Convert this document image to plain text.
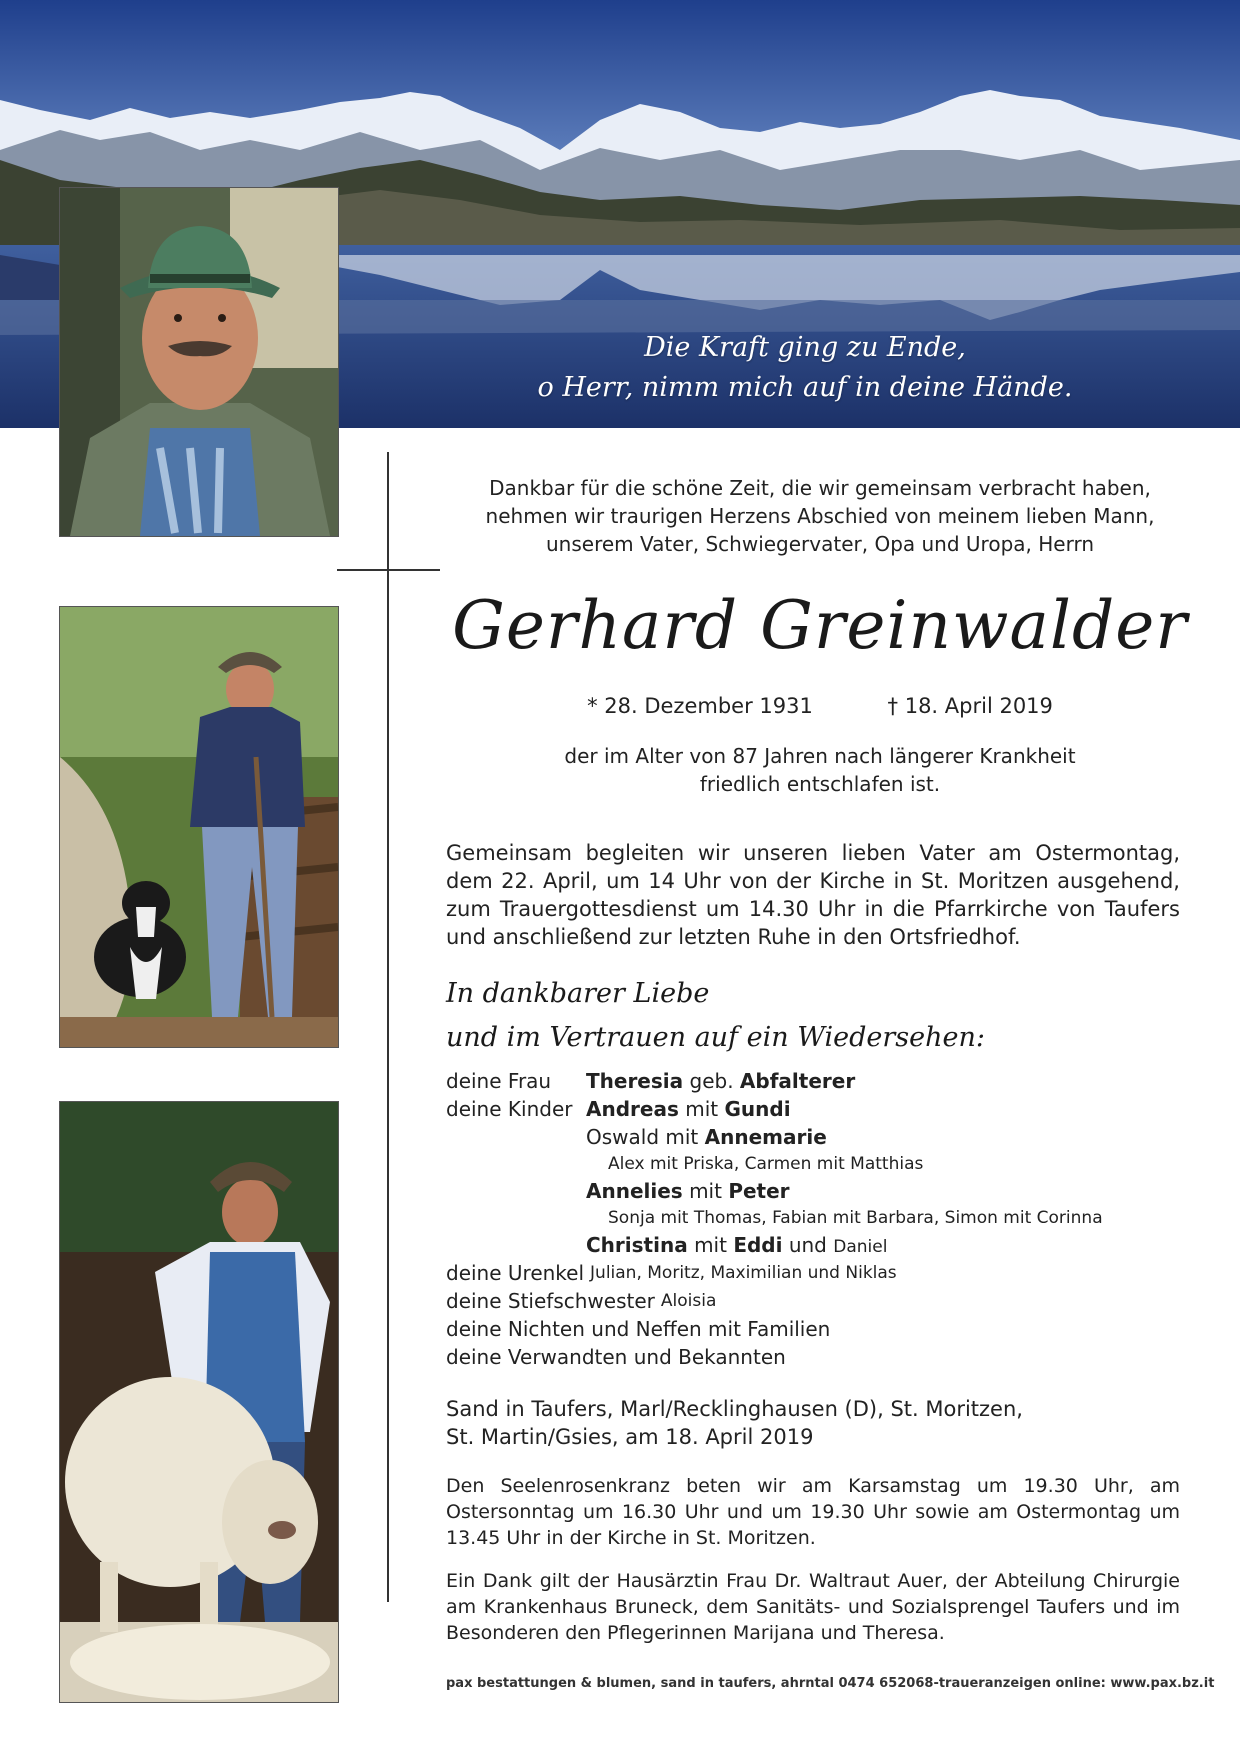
Die Kraft ging zu Ende,
o Herr, nimm mich auf in deine Hände.
Dankbar für die schöne Zeit, die wir gemeinsam verbracht haben,
nehmen wir traurigen Herzens Abschied von meinem lieben Mann,
unserem Vater, Schwiegervater, Opa und Uropa, Herrn
Gerhard Greinwalder
* 28. Dezember 1931	† 18. April 2019
der im Alter von 87 Jahren nach längerer Krankheit
friedlich entschlafen ist.
Gemeinsam begleiten wir unseren lieben Vater am Ostermontag, dem 22. April, um 14 Uhr von der Kirche in St. Moritzen ausgehend, zum Trauergottesdienst um 14.30 Uhr in die Pfarrkirche von Taufers und anschließend zur letzten Ruhe in den Ortsfriedhof.
In dankbarer Liebe
und im Vertrauen auf ein Wiedersehen:
deine Frau	Theresia geb. Abfalterer
deine Kinder Andreas mit Gundi
Oswald mit Annemarie
Alex mit Priska, Carmen mit Matthias
Annelies mit Peter
Sonja mit Thomas, Fabian mit Barbara, Simon mit Corinna
Christina mit Eddi und Daniel
deine Urenkel Julian, Moritz, Maximilian und Niklas
deine Stiefschwester Aloisia
deine Nichten und Neffen mit Familien
deine Verwandten und Bekannten
Sand in Taufers, Marl/Recklinghausen (D), St. Moritzen,
St. Martin/Gsies, am 18. April 2019
Den Seelenrosenkranz beten wir am Karsamstag um 19.30 Uhr, am Ostersonntag um 16.30 Uhr und um 19.30 Uhr sowie am Ostermontag um 13.45 Uhr in der Kirche in St. Moritzen.
Ein Dank gilt der Hausärztin Frau Dr. Waltraut Auer, der Abteilung Chirurgie am Krankenhaus Bruneck, dem Sanitäts- und Sozialsprengel Taufers und im Besonderen den Pflegerinnen Marijana und Theresa.
pax bestattungen & blumen, sand in taufers, ahrntal 0474 652068-traueranzeigen online: www.pax.bz.it
